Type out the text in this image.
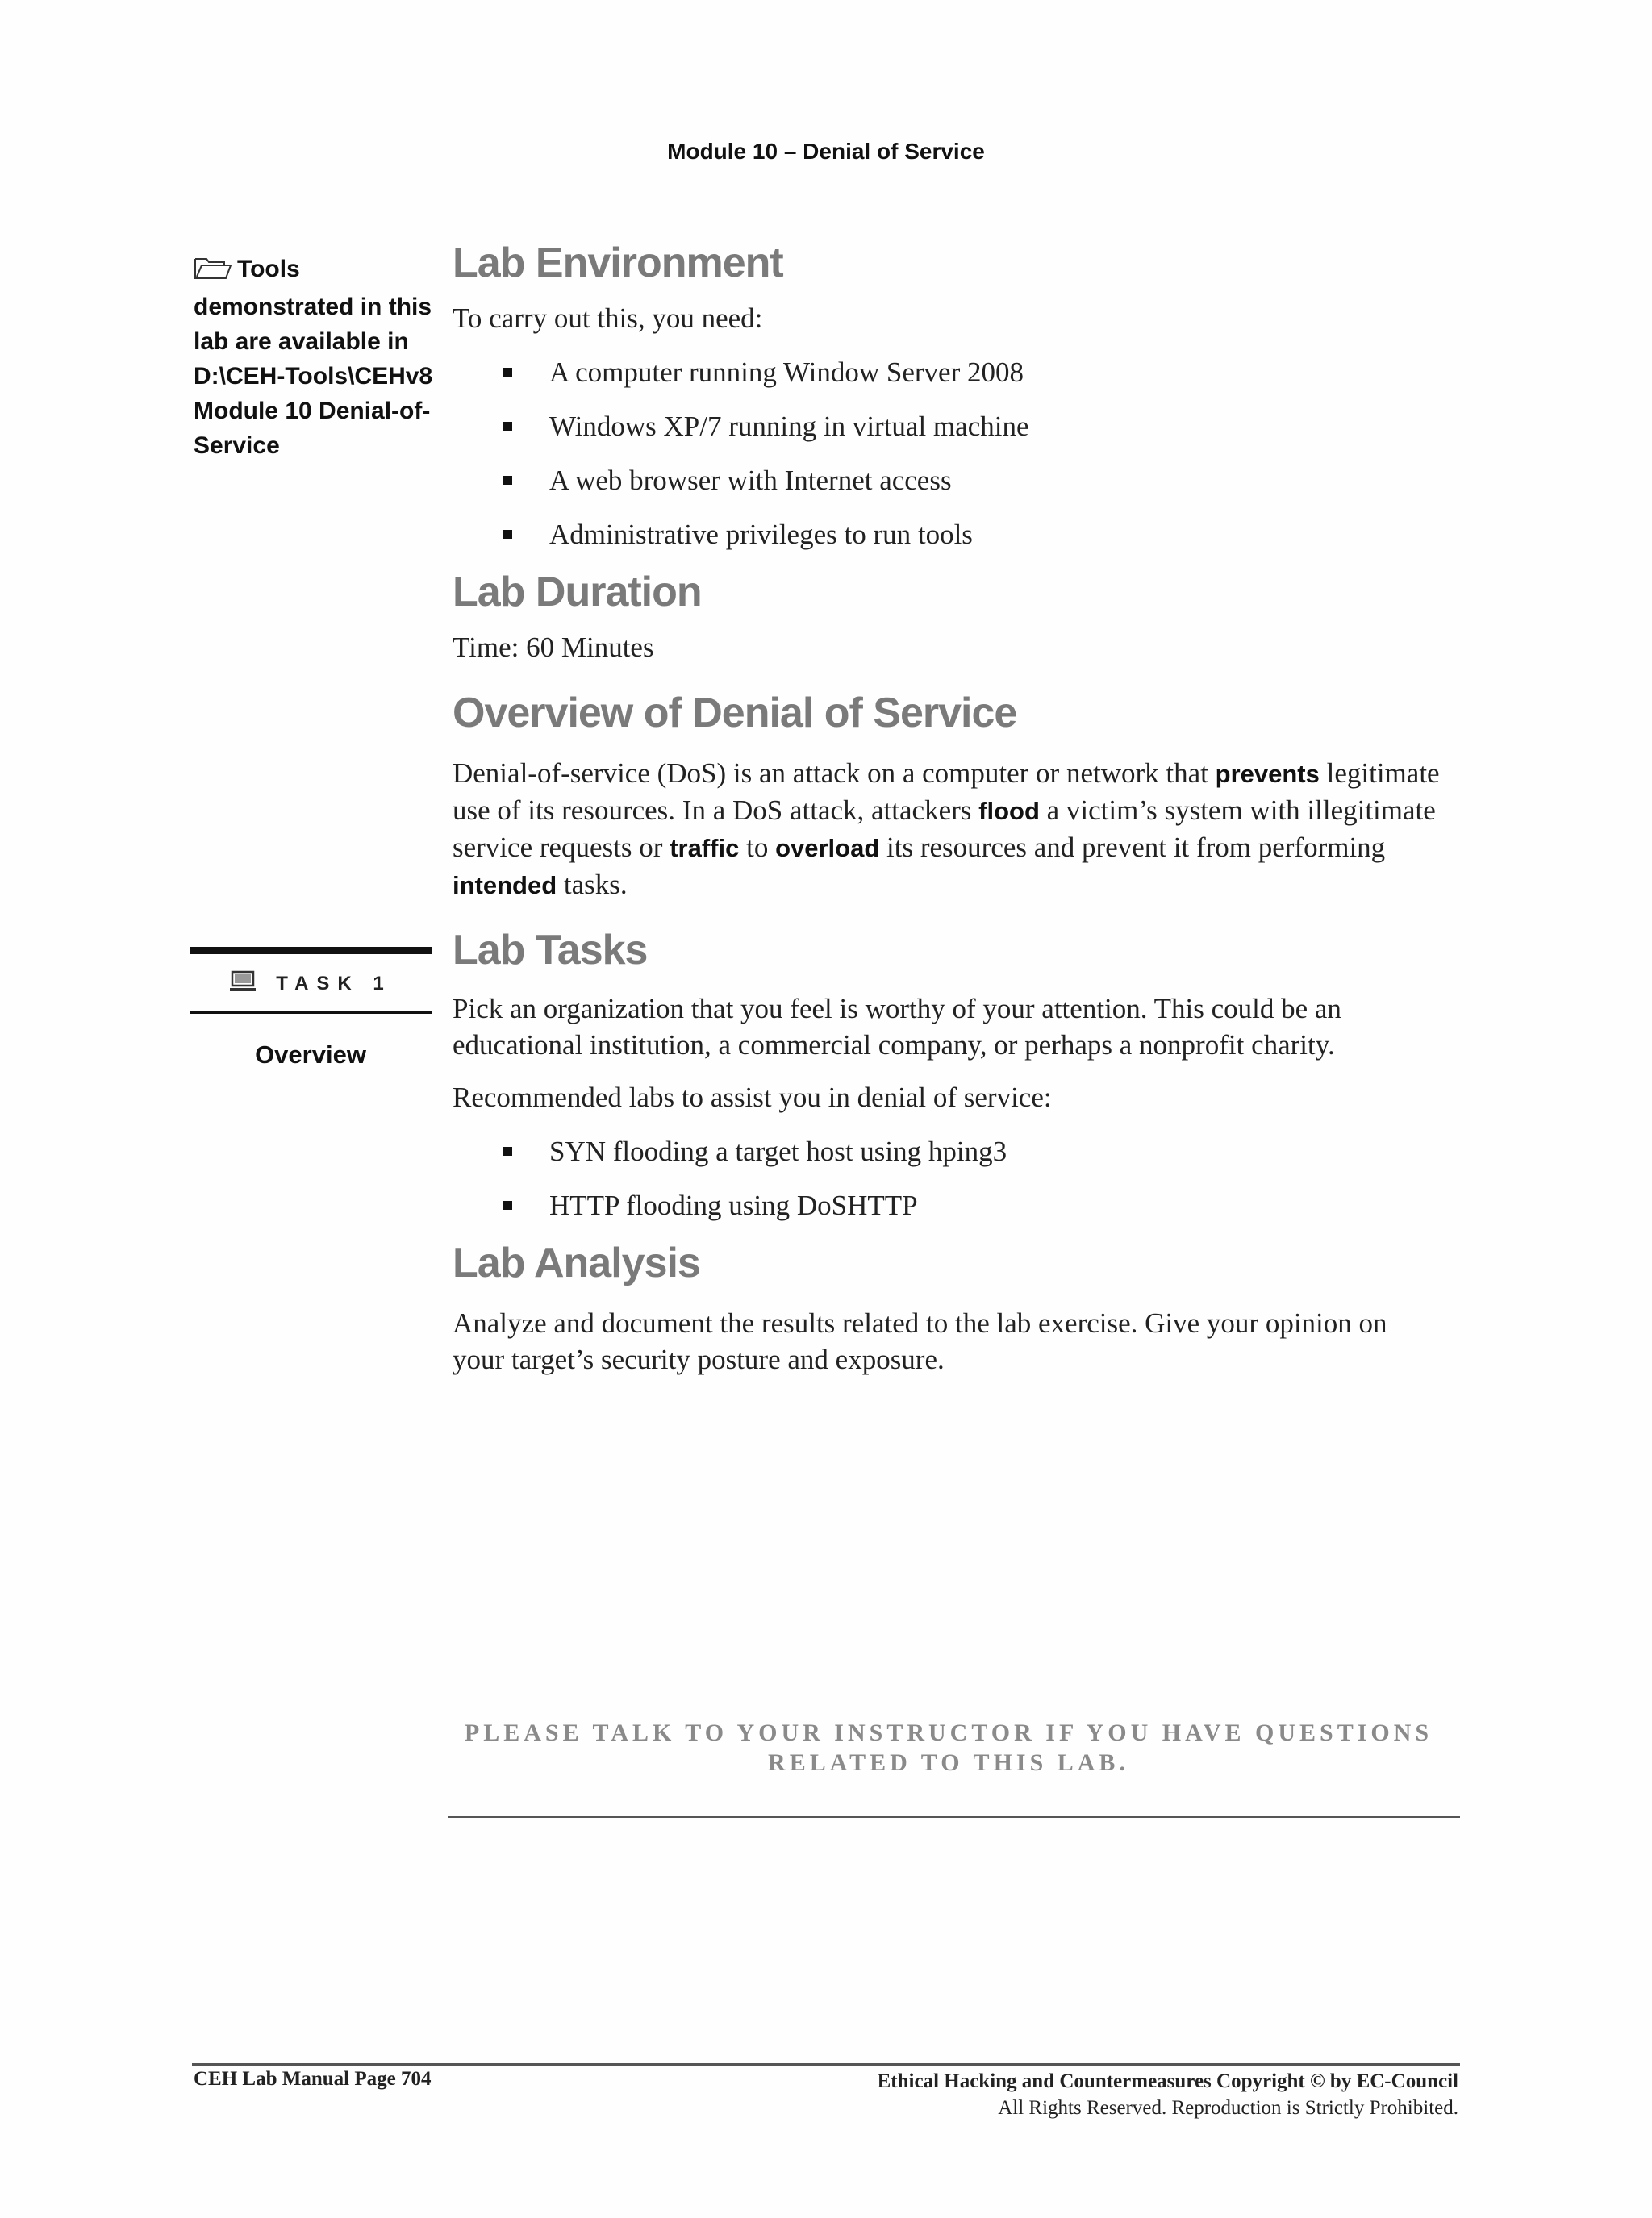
Module 10 – Denial of Service
Tools demonstrated in this lab are available in D:\CEH-Tools\CEHv8 Module 10 Denial-of-Service
TASK 1
Overview
Lab Environment

To carry out this, you need:

A computer running Window Server 2008
Windows XP/7 running in virtual machine
A web browser with Internet access
Administrative privileges to run tools
Lab Duration

Time: 60 Minutes

Overview of Denial of Service

Denial-of-service (DoS) is an attack on a computer or network that prevents legitimate use of its resources. In a DoS attack, attackers flood a victim’s system with illegitimate service requests or traffic to overload its resources and prevent it from performing intended tasks.

Lab Tasks

Pick an organization that you feel is worthy of your attention. This could be an educational institution, a commercial company, or perhaps a nonprofit charity.

Recommended labs to assist you in denial of service:

SYN flooding a target host using hping3
HTTP flooding using DoSHTTP
Lab Analysis

Analyze and document the results related to the lab exercise. Give your opinion on your target’s security posture and exposure.

PLEASE TALK TO YOUR INSTRUCTOR IF YOU HAVE QUESTIONS
RELATED TO THIS LAB.
CEH Lab Manual Page 704	Ethical Hacking and Countermeasures Copyright © by EC-Council
All Rights Reserved. Reproduction is Strictly Prohibited.
